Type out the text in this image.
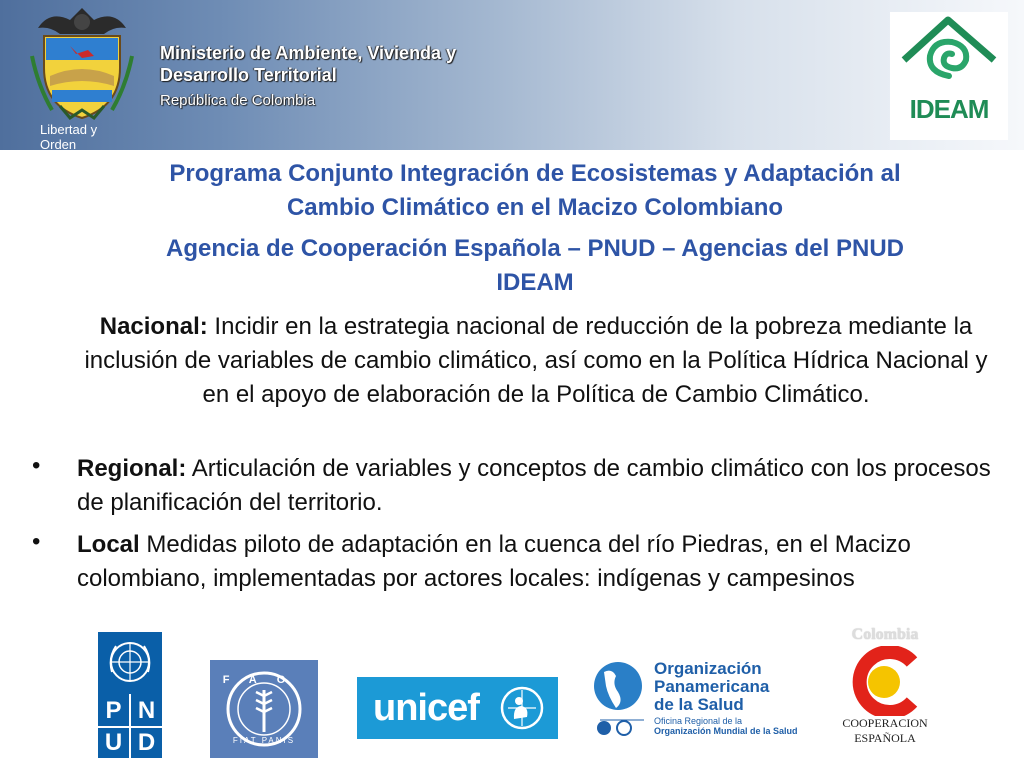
Libertad y Orden
Ministerio de Ambiente, Vivienda y
Desarrollo Territorial
República de Colombia	IDEAM
Programa Conjunto Integración de Ecosistemas y Adaptación al
Cambio Climático en el Macizo Colombiano
Agencia de Cooperación Española – PNUD – Agencias del PNUD
IDEAM
Nacional: Incidir en la estrategia nacional de reducción de la pobreza mediante la inclusión de variables de cambio climático, así como en la Política Hídrica Nacional y en el apoyo de elaboración de la Política de Cambio Climático.
• Regional: Articulación de variables y conceptos de cambio climático con los procesos de planificación del territorio.
• Local Medidas piloto de adaptación en la cuenca del río Piedras, en el Macizo colombiano, implementadas por actores locales: indígenas y campesinos
P N
U D
FAO
FIAT PANIS
unicef
Organización Panamericana de la Salud
Oficina Regional de la
Organización Mundial de la Salud
Colombia
COOPERACION
ESPAÑOLA
